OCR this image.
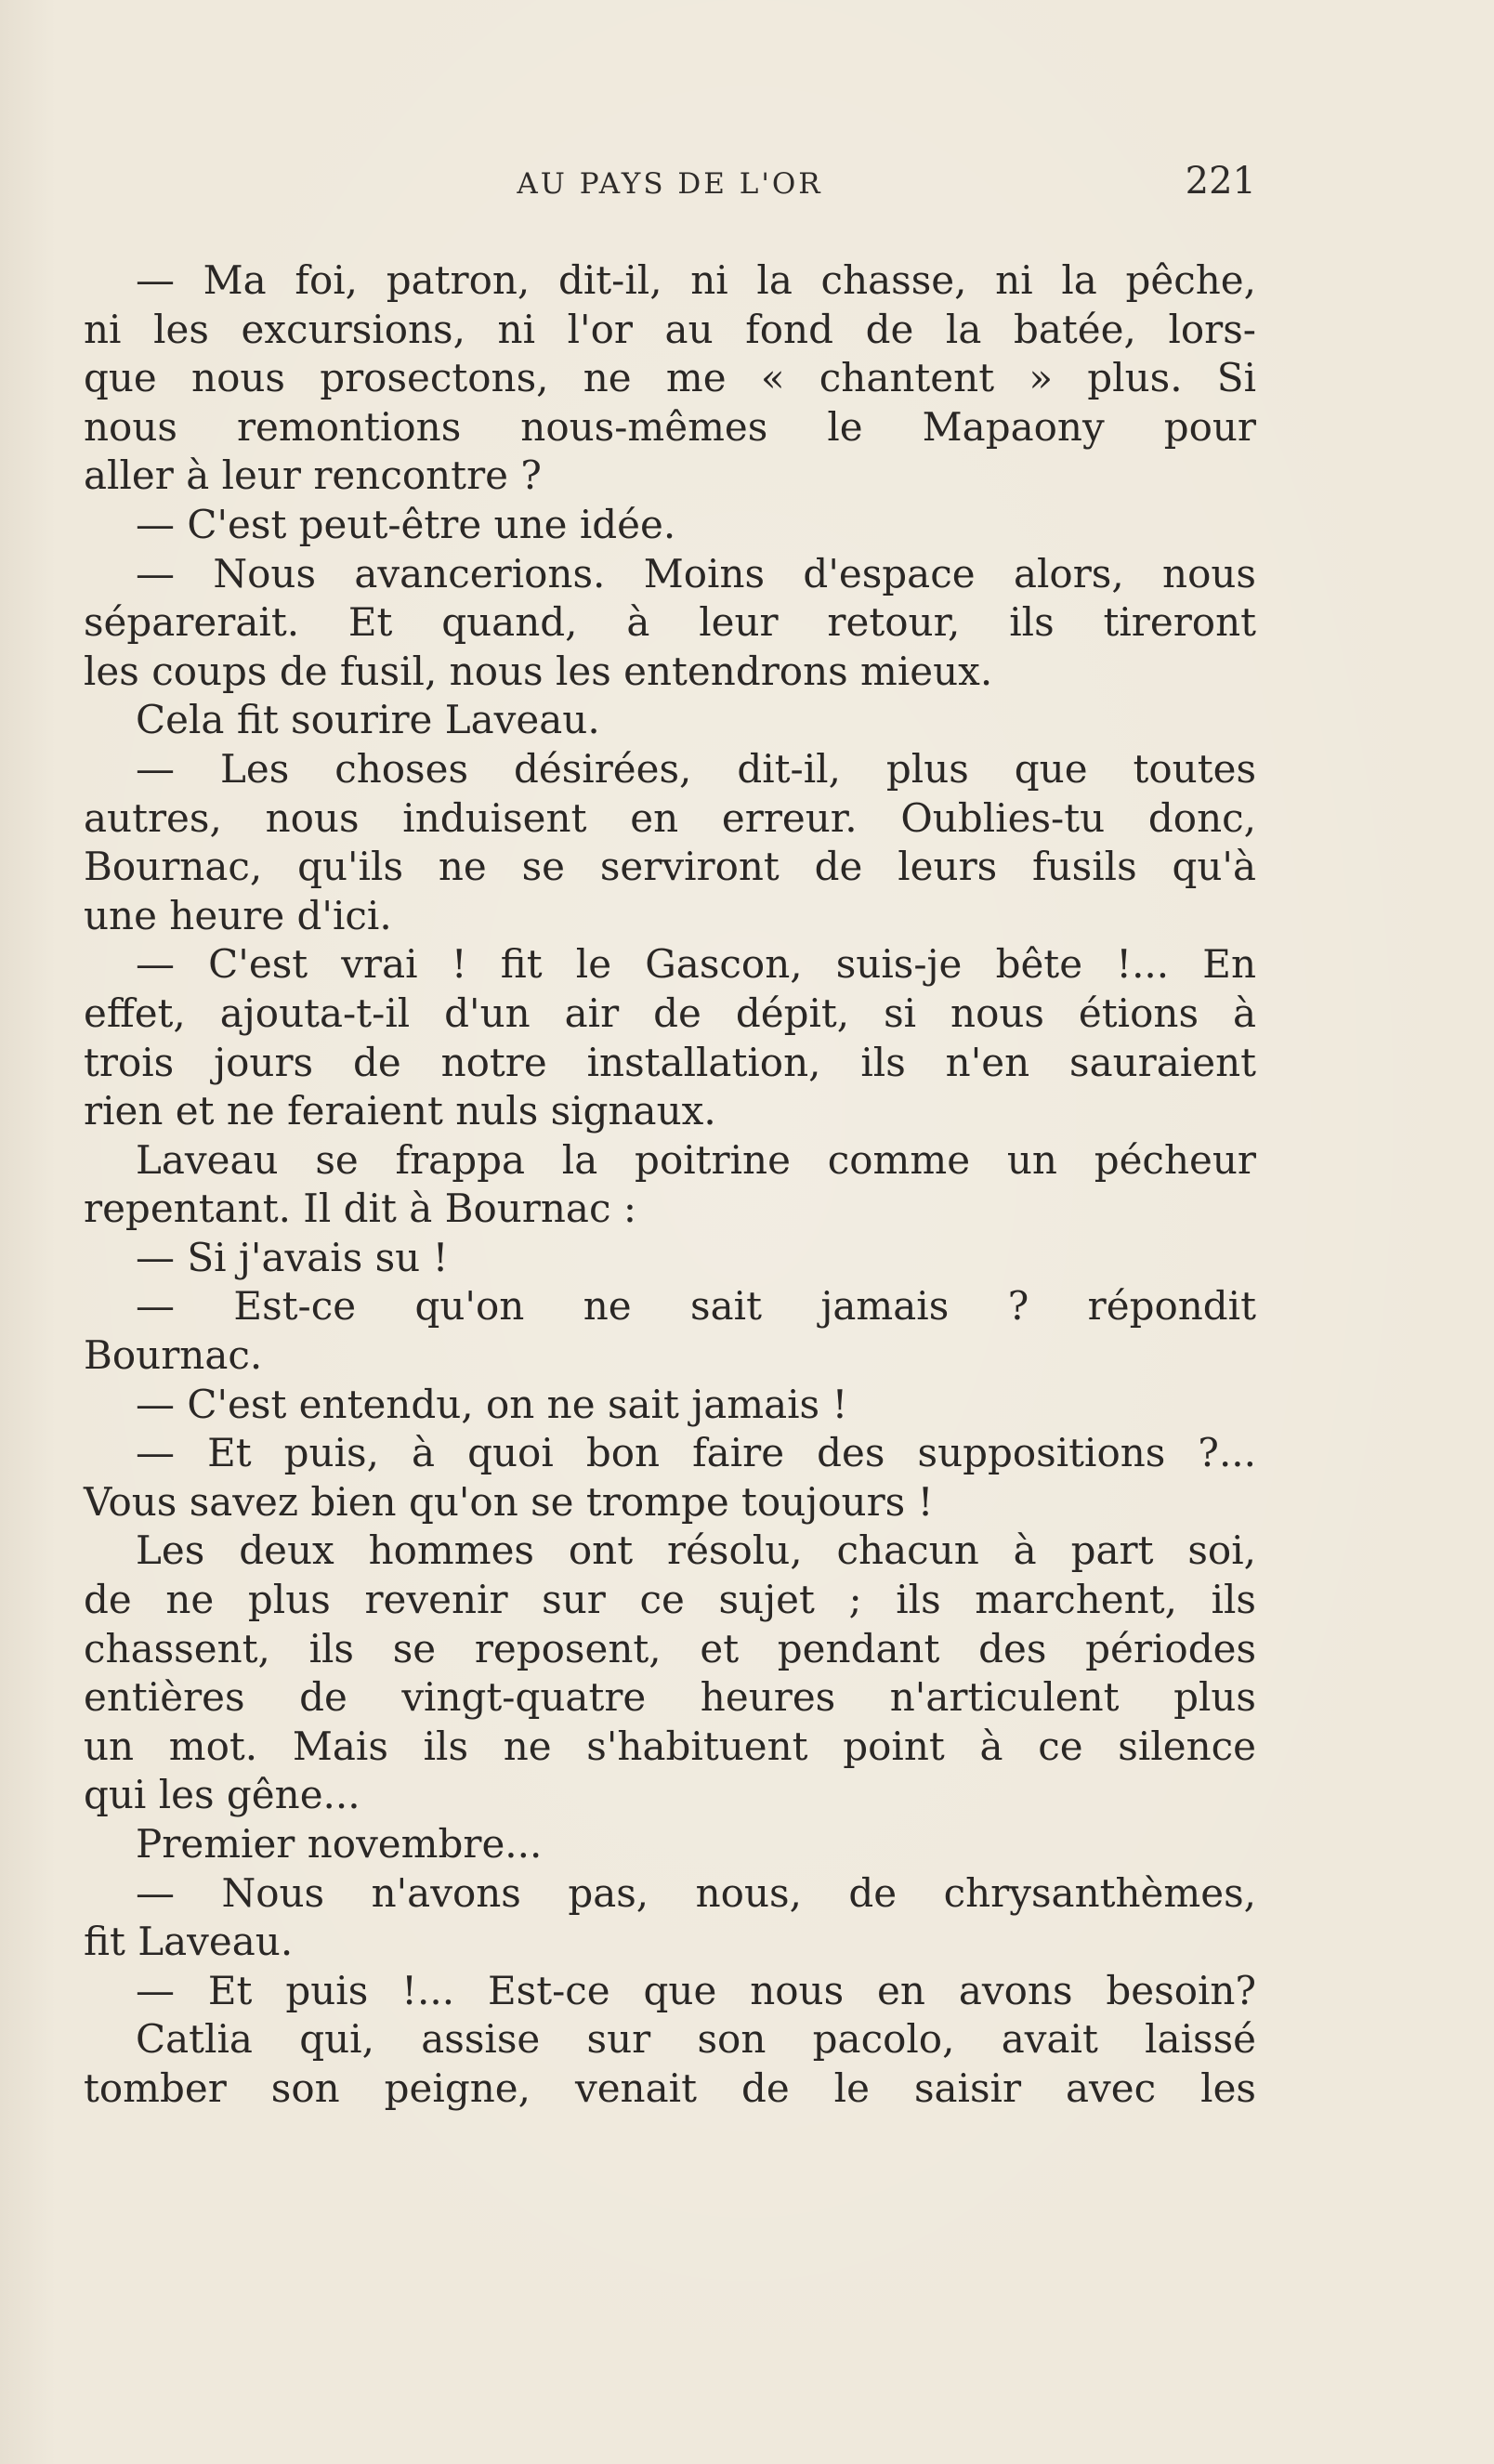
AU PAYS DE L'OR	221
— Ma foi, patron, dit-il, ni la chasse, ni la pêche,
ni les excursions, ni l'or au fond de la batée, lors-
que nous prosectons, ne me « chantent » plus. Si
nous remontions nous-mêmes le Mapaony pour
aller à leur rencontre ?
— C'est peut-être une idée.
— Nous avancerions. Moins d'espace alors, nous
séparerait. Et quand, à leur retour, ils tireront
les coups de fusil, nous les entendrons mieux.
Cela fit sourire Laveau.
— Les choses désirées, dit-il, plus que toutes
autres, nous induisent en erreur. Oublies-tu donc,
Bournac, qu'ils ne se serviront de leurs fusils qu'à
une heure d'ici.
— C'est vrai ! fit le Gascon, suis-je bête !... En
effet, ajouta-t-il d'un air de dépit, si nous étions à
trois jours de notre installation, ils n'en sauraient
rien et ne feraient nuls signaux.
Laveau se frappa la poitrine comme un pécheur
repentant. Il dit à Bournac :
— Si j'avais su !
— Est-ce qu'on ne sait jamais ? répondit
Bournac.
— C'est entendu, on ne sait jamais !
— Et puis, à quoi bon faire des suppositions ?...
Vous savez bien qu'on se trompe toujours !
Les deux hommes ont résolu, chacun à part soi,
de ne plus revenir sur ce sujet ; ils marchent, ils
chassent, ils se reposent, et pendant des périodes
entières de vingt-quatre heures n'articulent plus
un mot. Mais ils ne s'habituent point à ce silence
qui les gêne...
Premier novembre...
— Nous n'avons pas, nous, de chrysanthèmes,
fit Laveau.
— Et puis !... Est-ce que nous en avons besoin?
Catlia qui, assise sur son pacolo, avait laissé
tomber son peigne, venait de le saisir avec les
